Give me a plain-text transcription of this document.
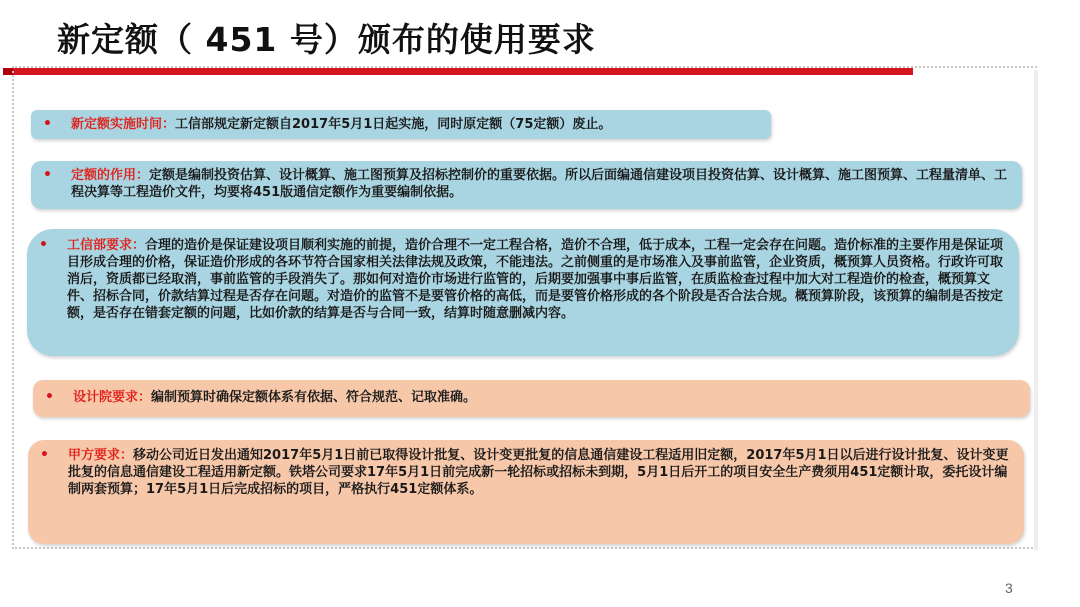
新定额（ 451 号）颁布的使用要求
• 新定额实施时间：工信部规定新定额自2017年5月1日起实施，同时原定额（75定额）废止。
• 定额的作用：定额是编制投资估算、设计概算、施工图预算及招标控制价的重要依据。所以后面编通信建设项目投资估算、设计概算、施工图预算、工程量清单、工程决算等工程造价文件，均要将451版通信定额作为重要编制依据。
• 工信部要求：合理的造价是保证建设项目顺利实施的前提，造价合理不一定工程合格，造价不合理，低于成本，工程一定会存在问题。造价标准的主要作用是保证项目形成合理的价格，保证造价形成的各环节符合国家相关法律法规及政策，不能违法。之前侧重的是市场准入及事前监管，企业资质，概预算人员资格。行政许可取消后，资质都已经取消，事前监管的手段消失了。那如何对造价市场进行监管的，后期要加强事中事后监管，在质监检查过程中加大对工程造价的检查，概预算文件、招标合同，价款结算过程是否存在问题。对造价的监管不是要管价格的高低，而是要管价格形成的各个阶段是否合法合规。概预算阶段，该预算的编制是否按定额，是否存在错套定额的问题，比如价款的结算是否与合同一致，结算时随意删减内容。
• 设计院要求：编制预算时确保定额体系有依据、符合规范、记取准确。
• 甲方要求：移动公司近日发出通知2017年5月1日前已取得设计批复、设计变更批复的信息通信建设工程适用旧定额，2017年5月1日以后进行设计批复、设计变更批复的信息通信建设工程适用新定额。铁塔公司要求17年5月1日前完成新一轮招标或招标未到期，5月1日后开工的项目安全生产费须用451定额计取，委托设计编制两套预算；17年5月1日后完成招标的项目，严格执行451定额体系。
3
